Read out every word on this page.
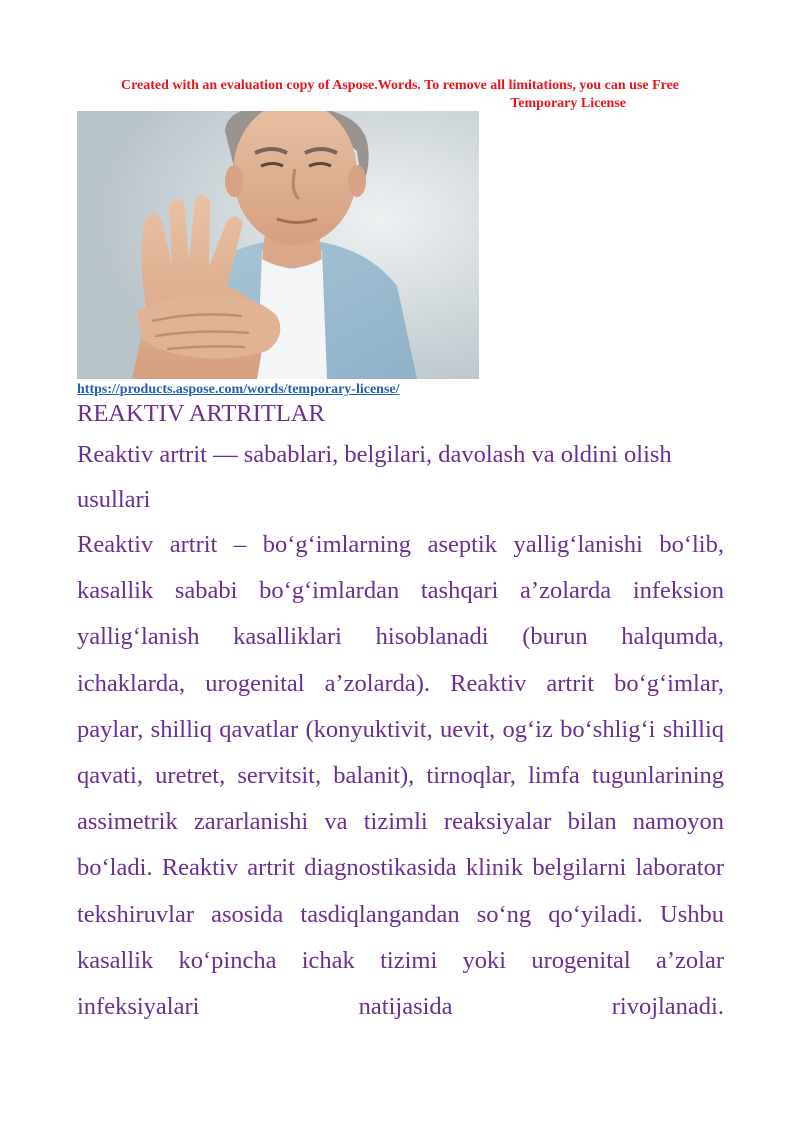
Created with an evaluation copy of Aspose.Words. To remove all limitations, you can use Free
Temporary License
https://products.aspose.com/words/temporary-license/
REAKTIV ARTRITLAR

Reaktiv artrit — sabablari, belgilari, davolash va oldini olish usullari

Reaktiv artrit – bo‘g‘imlarning aseptik yallig‘lanishi bo‘lib, kasallik sababi bo‘g‘imlardan tashqari a’zolarda infeksion yallig‘lanish kasalliklari hisoblanadi (burun halqumda, ichaklarda, urogenital a’zolarda). Reaktiv artrit bo‘g‘imlar, paylar, shilliq qavatlar (konyuktivit, uevit, og‘iz bo‘shlig‘i shilliq qavati, uretret, servitsit, balanit), tirnoqlar, limfa tugunlarining assimetrik zararlanishi va tizimli reaksiyalar bilan namoyon bo‘ladi. Reaktiv artrit diagnostikasida klinik belgilarni laborator tekshiruvlar asosida tasdiqlangandan so‘ng qo‘yiladi. Ushbu kasallik ko‘pincha ichak tizimi yoki urogenital a’zolar infeksiyalari natijasida rivojlanadi.
